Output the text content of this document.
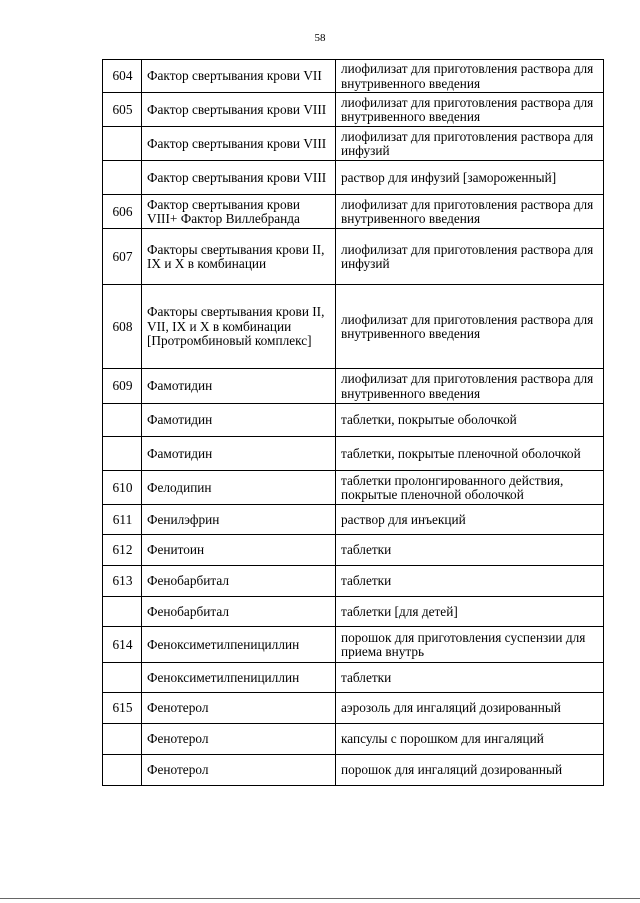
58
604	Фактор свертывания крови VII	лиофилизат для приготовления раствора для внутривенного введения
605	Фактор свертывания крови VIII	лиофилизат для приготовления раствора для внутривенного введения
	Фактор свертывания крови VIII	лиофилизат для приготовления раствора для инфузий
	Фактор свертывания крови VIII	раствор для инфузий [замороженный]
606	Фактор свертывания крови VIII+ Фактор Виллебранда	лиофилизат для приготовления раствора для внутривенного введения
607	Факторы свертывания крови II, IX и X в комбинации	лиофилизат для приготовления раствора для инфузий
608	Факторы свертывания крови II, VII, IX и X в комбинации [Протромбиновый комплекс]	лиофилизат для приготовления раствора для внутривенного введения
609	Фамотидин	лиофилизат для приготовления раствора для внутривенного введения
	Фамотидин	таблетки, покрытые оболочкой
	Фамотидин	таблетки, покрытые пленочной оболочкой
610	Фелодипин	таблетки пролонгированного действия, покрытые пленочной оболочкой
611	Фенилэфрин	раствор для инъекций
612	Фенитоин	таблетки
613	Фенобарбитал	таблетки
	Фенобарбитал	таблетки [для детей]
614	Феноксиметилпенициллин	порошок для приготовления суспензии для приема внутрь
	Феноксиметилпенициллин	таблетки
615	Фенотерол	аэрозоль для ингаляций дозированный
	Фенотерол	капсулы с порошком для ингаляций
	Фенотерол	порошок для ингаляций дозированный
